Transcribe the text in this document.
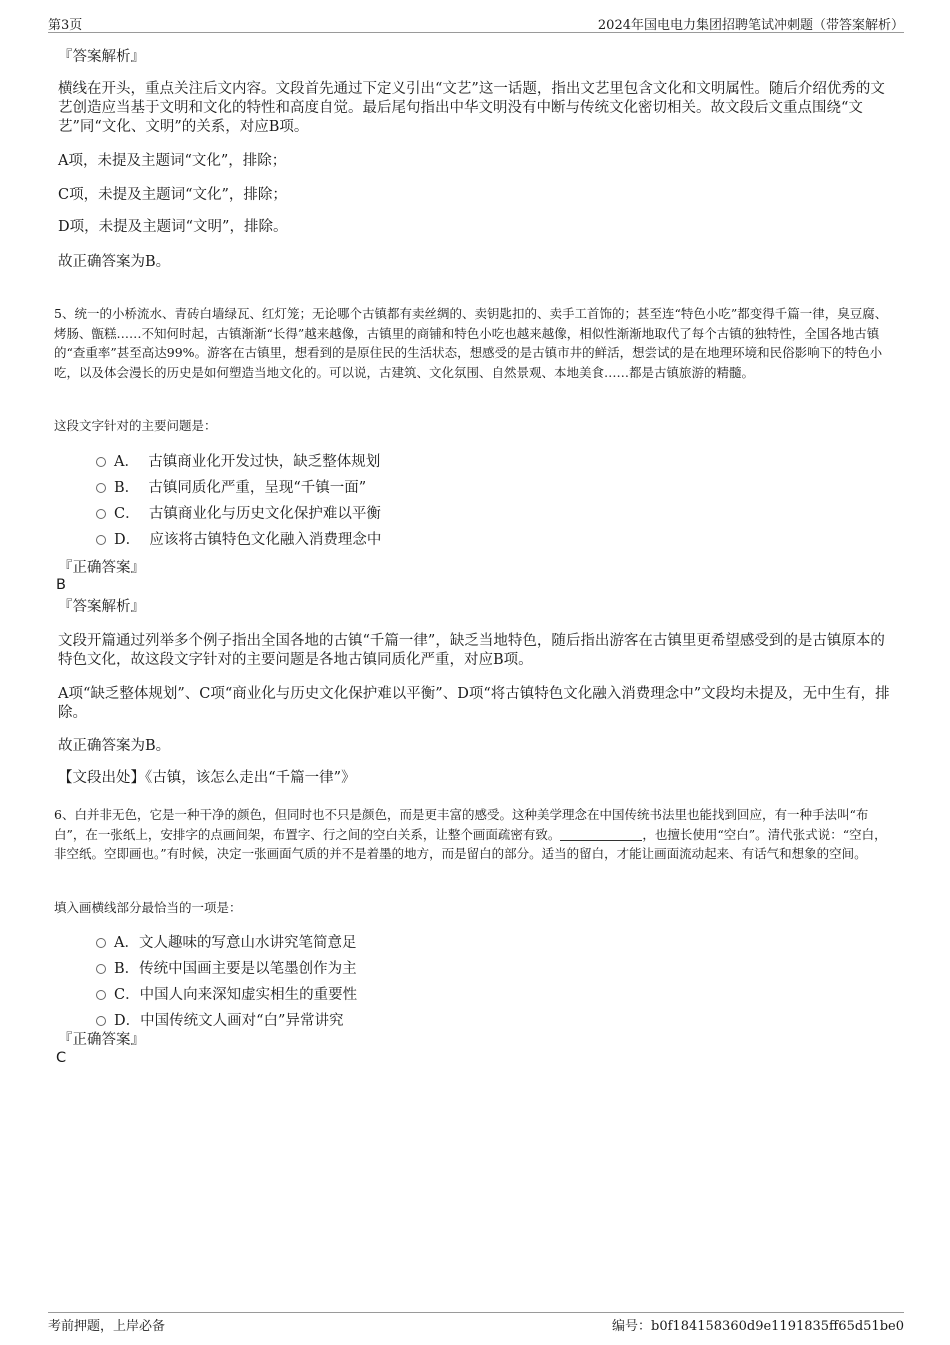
第3页	2024年国电电力集团招聘笔试冲刺题（带答案解析）
『答案解析』
横线在开头，重点关注后文内容。文段首先通过下定义引出“文艺”这一话题，指出文艺里包含文化和文明属性。随后介绍优秀的文艺创造应当基于文明和文化的特性和高度自觉。最后尾句指出中华文明没有中断与传统文化密切相关。故文段后文重点围绕“文艺”同“文化、文明”的关系，对应B项。
A项，未提及主题词“文化”，排除；
C项，未提及主题词“文化”，排除；
D项，未提及主题词“文明”，排除。
故正确答案为B。
5、统一的小桥流水、青砖白墙绿瓦、红灯笼；无论哪个古镇都有卖丝绸的、卖钥匙扣的、卖手工首饰的；甚至连“特色小吃”都变得千篇一律，臭豆腐、烤肠、甑糕……不知何时起，古镇渐渐“长得”越来越像，古镇里的商铺和特色小吃也越来越像，相似性渐渐地取代了每个古镇的独特性，全国各地古镇的“查重率”甚至高达99%。游客在古镇里，想看到的是原住民的生活状态，想感受的是古镇市井的鲜活，想尝试的是在地理环境和民俗影响下的特色小吃，以及体会漫长的历史是如何塑造当地文化的。可以说，古建筑、文化氛围、自然景观、本地美食……都是古镇旅游的精髓。
这段文字针对的主要问题是：
A． 古镇商业化开发过快，缺乏整体规划
B． 古镇同质化严重，呈现“千镇一面”
C． 古镇商业化与历史文化保护难以平衡
D． 应该将古镇特色文化融入消费理念中
『正确答案』
B
『答案解析』
文段开篇通过列举多个例子指出全国各地的古镇“千篇一律”，缺乏当地特色，随后指出游客在古镇里更希望感受到的是古镇原本的特色文化，故这段文字针对的主要问题是各地古镇同质化严重，对应B项。
A项“缺乏整体规划”、C项“商业化与历史文化保护难以平衡”、D项“将古镇特色文化融入消费理念中”文段均未提及，无中生有，排除。
故正确答案为B。
【文段出处】《古镇，该怎么走出“千篇一律”》
6、白并非无色，它是一种干净的颜色，但同时也不只是颜色，而是更丰富的感受。这种美学理念在中国传统书法里也能找到回应，有一种手法叫“布白”，在一张纸上，安排字的点画间架，布置字、行之间的空白关系，让整个画面疏密有致。	，也擅长使用“空白”。清代张式说：“空白，非空纸。空即画也。”有时候，决定一张画面气质的并不是着墨的地方，而是留白的部分。适当的留白，才能让画面流动起来、有话气和想象的空间。
填入画横线部分最恰当的一项是：
A．文人趣味的写意山水讲究笔简意足
B．传统中国画主要是以笔墨创作为主
C．中国人向来深知虚实相生的重要性
D．中国传统文人画对“白”异常讲究
『正确答案』
C
考前押题，上岸必备	编号：b0f184158360d9e1191835ff65d51be0
